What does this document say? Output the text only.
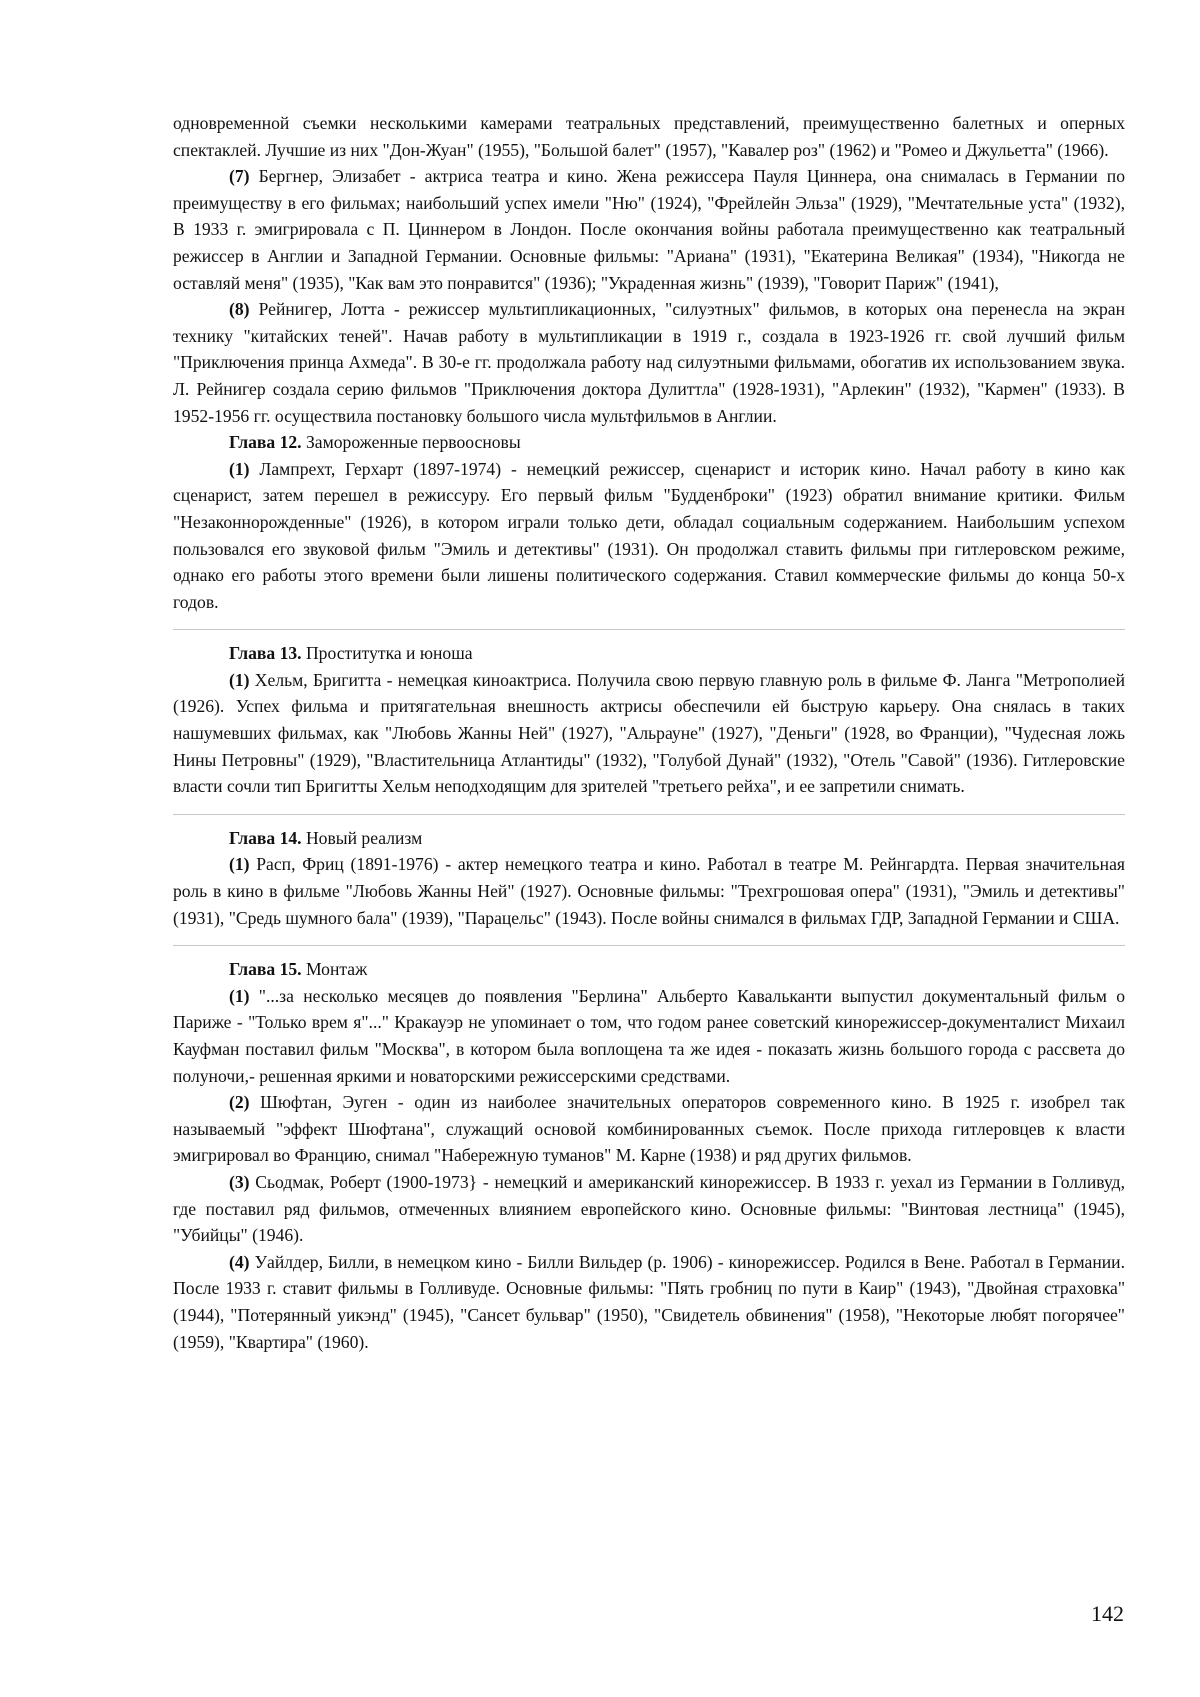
одновременной съемки несколькими камерами театральных представлений, преимущественно балетных и оперных спектаклей. Лучшие из них "Дон-Жуан" (1955), "Большой балет" (1957), "Кавалер роз" (1962) и "Ромео и Джульетта" (1966).

(7) Бергнер, Элизабет - актриса театра и кино. Жена режиссера Пауля Циннера, она снималась в Германии по преимуществу в его фильмах; наибольший успех имели "Ню" (1924), "Фрейлейн Эльза" (1929), "Мечтательные уста" (1932), В 1933 г. эмигрировала с П. Циннером в Лондон. После окончания войны работала преимущественно как театральный режиссер в Англии и Западной Германии. Основные фильмы: "Ариана" (1931), "Екатерина Великая" (1934), "Никогда не оставляй меня" (1935), "Как вам это понравится" (1936); "Украденная жизнь" (1939), "Говорит Париж" (1941),

(8) Рейнигер, Лотта - режиссер мультипликационных, "силуэтных" фильмов, в которых она перенесла на экран технику "китайских теней". Начав работу в мультипликации в 1919 г., создала в 1923-1926 гг. свой лучший фильм "Приключения принца Ахмеда". В 30-е гг. продолжала работу над силуэтными фильмами, обогатив их использованием звука. Л. Рейнигер создала серию фильмов "Приключения доктора Дулиттла" (1928-1931), "Арлекин" (1932), "Кармен" (1933). В 1952-1956 гг. осуществила постановку большого числа мультфильмов в Англии.

Глава 12. Замороженные первоосновы

(1) Лампрехт, Герхарт (1897-1974) - немецкий режиссер, сценарист и историк кино. Начал работу в кино как сценарист, затем перешел в режиссуру. Его первый фильм "Будденброки" (1923) обратил внимание критики. Фильм "Незаконнорожденные" (1926), в котором играли только дети, обладал социальным содержанием. Наибольшим успехом пользовался его звуковой фильм "Эмиль и детективы" (1931). Он продолжал ставить фильмы при гитлеровском режиме, однако его работы этого времени были лишены политического содержания. Ставил коммерческие фильмы до конца 50-х годов.

Глава 13. Проститутка и юноша

(1) Хельм, Бригитта - немецкая киноактриса. Получила свою первую главную роль в фильме Ф. Ланга "Метрополией (1926). Успех фильма и притягательная внешность актрисы обеспечили ей быструю карьеру. Она снялась в таких нашумевших фильмах, как "Любовь Жанны Ней" (1927), "Альрауне" (1927), "Деньги" (1928, во Франции), "Чудесная ложь Нины Петровны" (1929), "Властительница Атлантиды" (1932), "Голубой Дунай" (1932), "Отель "Савой" (1936). Гитлеровские власти сочли тип Бригитты Хельм неподходящим для зрителей "третьего рейха", и ее запретили снимать.

Глава 14. Новый реализм

(1) Расп, Фриц (1891-1976) - актер немецкого театра и кино. Работал в театре М. Рейнгардта. Первая значительная роль в кино в фильме "Любовь Жанны Ней" (1927). Основные фильмы: "Трехгрошовая опера" (1931), "Эмиль и детективы" (1931), "Средь шумного бала" (1939), "Парацельс" (1943). После войны снимался в фильмах ГДР, Западной Германии и США.

Глава 15. Монтаж

(1) "...за несколько месяцев до появления "Берлина" Альберто Кавальканти выпустил документальный фильм о Париже - "Только врем я"..." Кракауэр не упоминает о том, что годом ранее советский кинорежиссер-документалист Михаил Кауфман поставил фильм "Москва", в котором была воплощена та же идея - показать жизнь большого города с рассвета до полуночи,- решенная яркими и новаторскими режиссерскими средствами.

(2) Шюфтан, Эуген - один из наиболее значительных операторов современного кино. В 1925 г. изобрел так называемый "эффект Шюфтана", служащий основой комбинированных съемок. После прихода гитлеровцев к власти эмигрировал во Францию, снимал "Набережную туманов" М. Карне (1938) и ряд других фильмов.

(3) Сьодмак, Роберт (1900-1973} - немецкий и американский кинорежиссер. В 1933 г. уехал из Германии в Голливуд, где поставил ряд фильмов, отмеченных влиянием европейского кино. Основные фильмы: "Винтовая лестница" (1945), "Убийцы" (1946).

(4) Уайлдер, Билли, в немецком кино - Билли Вильдер (р. 1906) - кинорежиссер. Родился в Вене. Работал в Германии. После 1933 г. ставит фильмы в Голливуде. Основные фильмы: "Пять гробниц по пути в Каир" (1943), "Двойная страховка" (1944), "Потерянный уикэнд" (1945), "Сансет бульвар" (1950), "Свидетель обвинения" (1958), "Некоторые любят погорячее" (1959), "Квартира" (1960).

142
